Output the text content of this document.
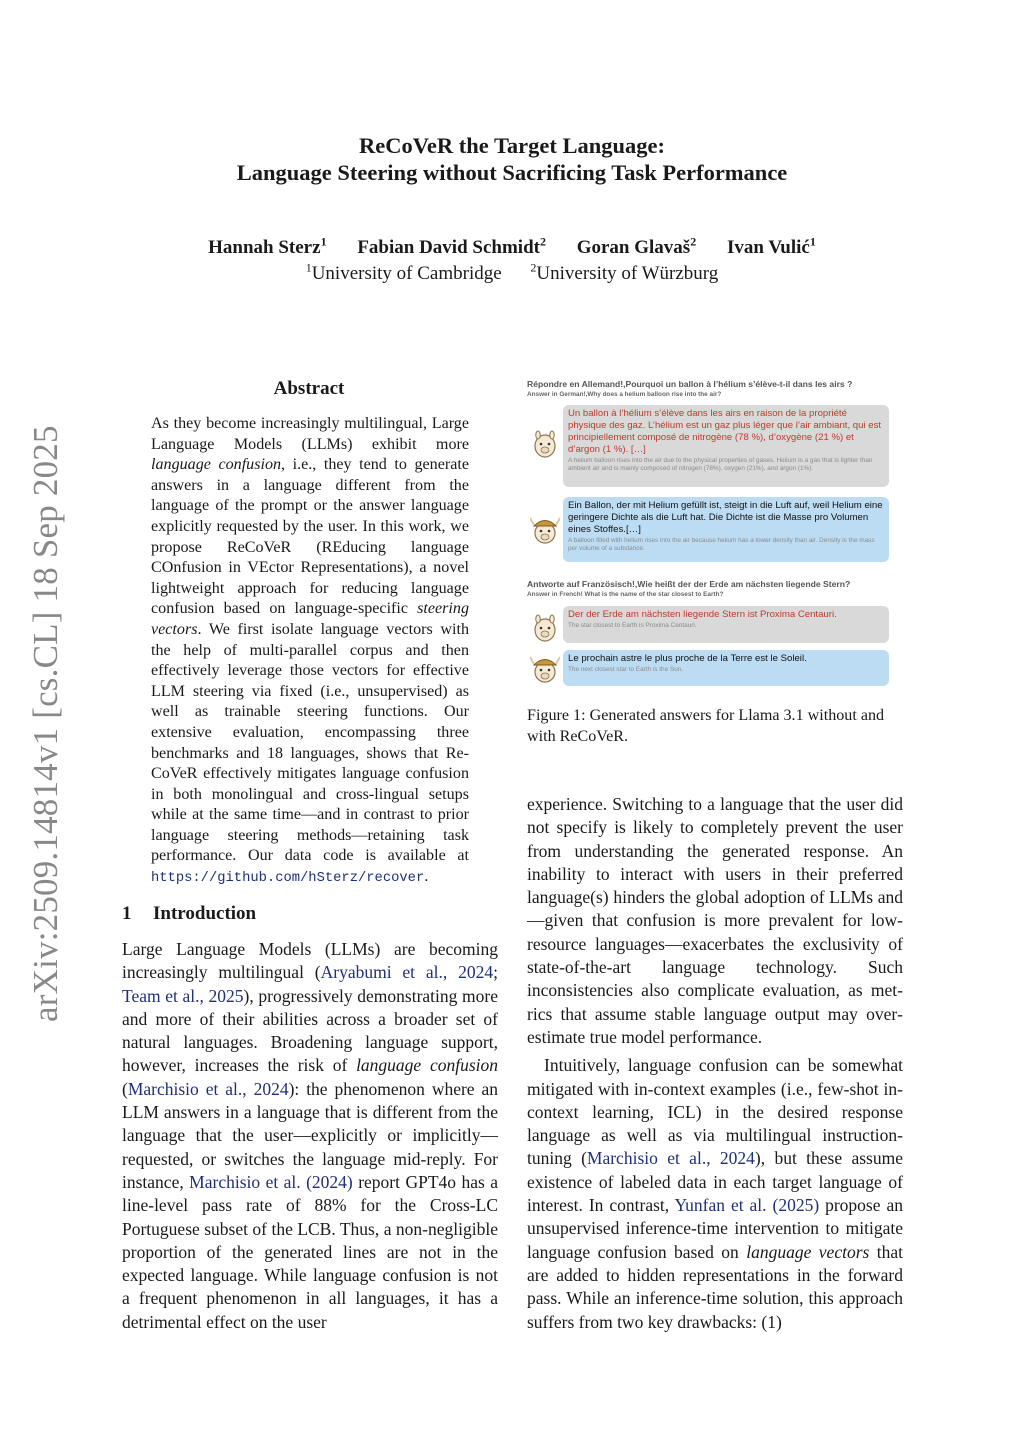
ReCoVeR the Target Language:
Language Steering without Sacrificing Task Performance
Hannah Sterz$^1$ Fabian David Schmidt$^2$ Goran Glavaš$^2$ Ivan Vulić$^1$
$^1$University of Cambridge $^2$University of Würzburg
arXiv:2509.14814v1 [cs.CL] 18 Sep 2025
Abstract
As they become increasingly multilingual, Large Language Models (LLMs) exhibit more language confusion, i.e., they tend to generate answers in a language different from the language of the prompt or the answer language explicitly requested by the user. In this work, we propose ReCoVeR (REducing language COnfusion in VEctor Representations), a novel lightweight approach for reducing language confusion based on language-specific steering vectors. We first isolate language vectors with the help of multi-parallel corpus and then effectively leverage those vectors for effective LLM steering via fixed (i.e., unsupervised) as well as trainable steering functions. Our extensive evaluation, encompassing three benchmarks and 18 languages, shows that ReCoVeR effectively mitigates language confusion in both monolingual and cross-lingual setups while at the same time—and in contrast to prior language steering methods—retaining task performance. Our data code is available at https://github.com/hSterz/recover.
1 Introduction

Large Language Models (LLMs) are becoming increasingly multilingual (Aryabumi et al., 2024; Team et al., 2025), progressively demonstrating more and more of their abilities across a broader set of natural languages. Broadening language support, however, increases the risk of language confusion (Marchisio et al., 2024): the phenomenon where an LLM answers in a language that is different from the language that the user—explicitly or implicitly—requested, or switches the language mid-reply. For instance, Marchisio et al. (2024) report GPT4o has a line-level pass rate of 88% for the Cross-LC Portuguese subset of the LCB. Thus, a non-negligible proportion of the generated lines are not in the expected language. While language confusion is not a frequent phenomenon in all languages, it has a detrimental effect on the user

Répondre en Allemand!,Pourquoi un ballon à l’hélium s’élève-t-il dans les airs ?
Answer in German!,Why does a helium balloon rise into the air?
Un ballon à l’hélium s’élève dans les airs en raison de la propriété physique des gaz. L’hélium est un gaz plus léger que l’air ambiant, qui est principiellement composé de nitrogène (78 %), d’oxygène (21 %) et d’argon (1 %). […]
A helium balloon rises into the air due to the physical properties of gases. Helium is a gas that is lighter than ambient air and is mainly composed of nitrogen (78%), oxygen (21%), and argon (1%).
Ein Ballon, der mit Helium gefüllt ist, steigt in die Luft auf, weil Helium eine geringere Dichte als die Luft hat. Die Dichte ist die Masse pro Volumen eines Stoffes.[…]
A balloon filled with helium rises into the air because helium has a lower density than air. Density is the mass per volume of a substance.
Antworte auf Französisch!,Wie heißt der der Erde am nächsten liegende Stern?
Answer in French! What is the name of the star closest to Earth?
Der der Erde am nächsten liegende Stern ist Proxima Centauri.
The star closest to Earth is Proxima Centauri.
Le prochain astre le plus proche de la Terre est le Soleil.
The next closest star to Earth is the Sun.
Figure 1: Generated answers for Llama 3.1 without and with ReCoVeR.

experience. Switching to a language that the user did not specify is likely to completely prevent the user from understanding the generated response. An inability to interact with users in their preferred language(s) hinders the global adoption of LLMs and—given that confusion is more prevalent for low-resource languages—exacerbates the exclusivity of state-of-the-art language technology. Such inconsistencies also complicate evaluation, as metrics that assume stable language output may overestimate true model performance.

Intuitively, language confusion can be somewhat mitigated with in-context examples (i.e., few-shot in-context learning, ICL) in the desired response language as well as via multilingual instruction-tuning (Marchisio et al., 2024), but these assume existence of labeled data in each target language of interest. In contrast, Yunfan et al. (2025) propose an unsupervised inference-time intervention to mitigate language confusion based on language vectors that are added to hidden representations in the forward pass. While an inference-time solution, this approach suffers from two key drawbacks: (1)
